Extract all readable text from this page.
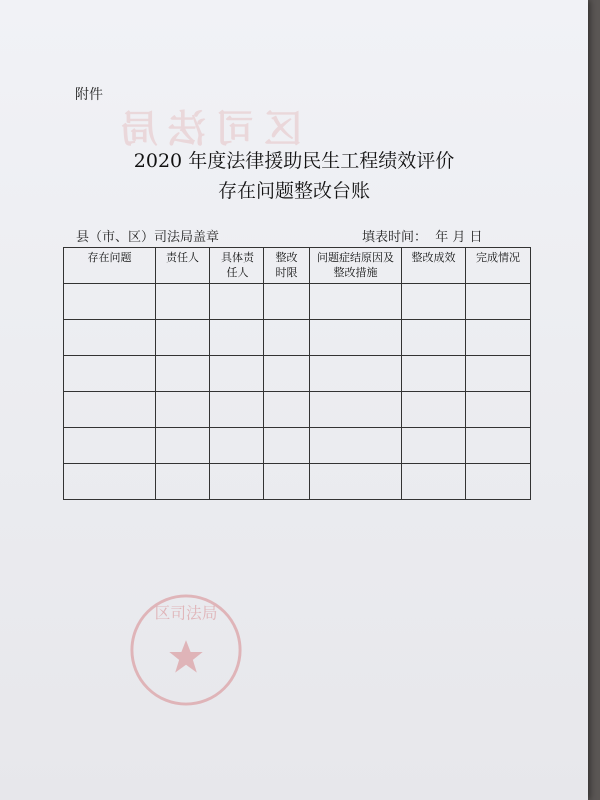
区司法局
附件
2020 年度法律援助民生工程绩效评价
存在问题整改台账
县（市、区）司法局盖章	填表时间：  年 月 日
存在问题	责任人	具体责任人	整改时限	问题症结原因及整改措施	整改成效	完成情况

区司法局
